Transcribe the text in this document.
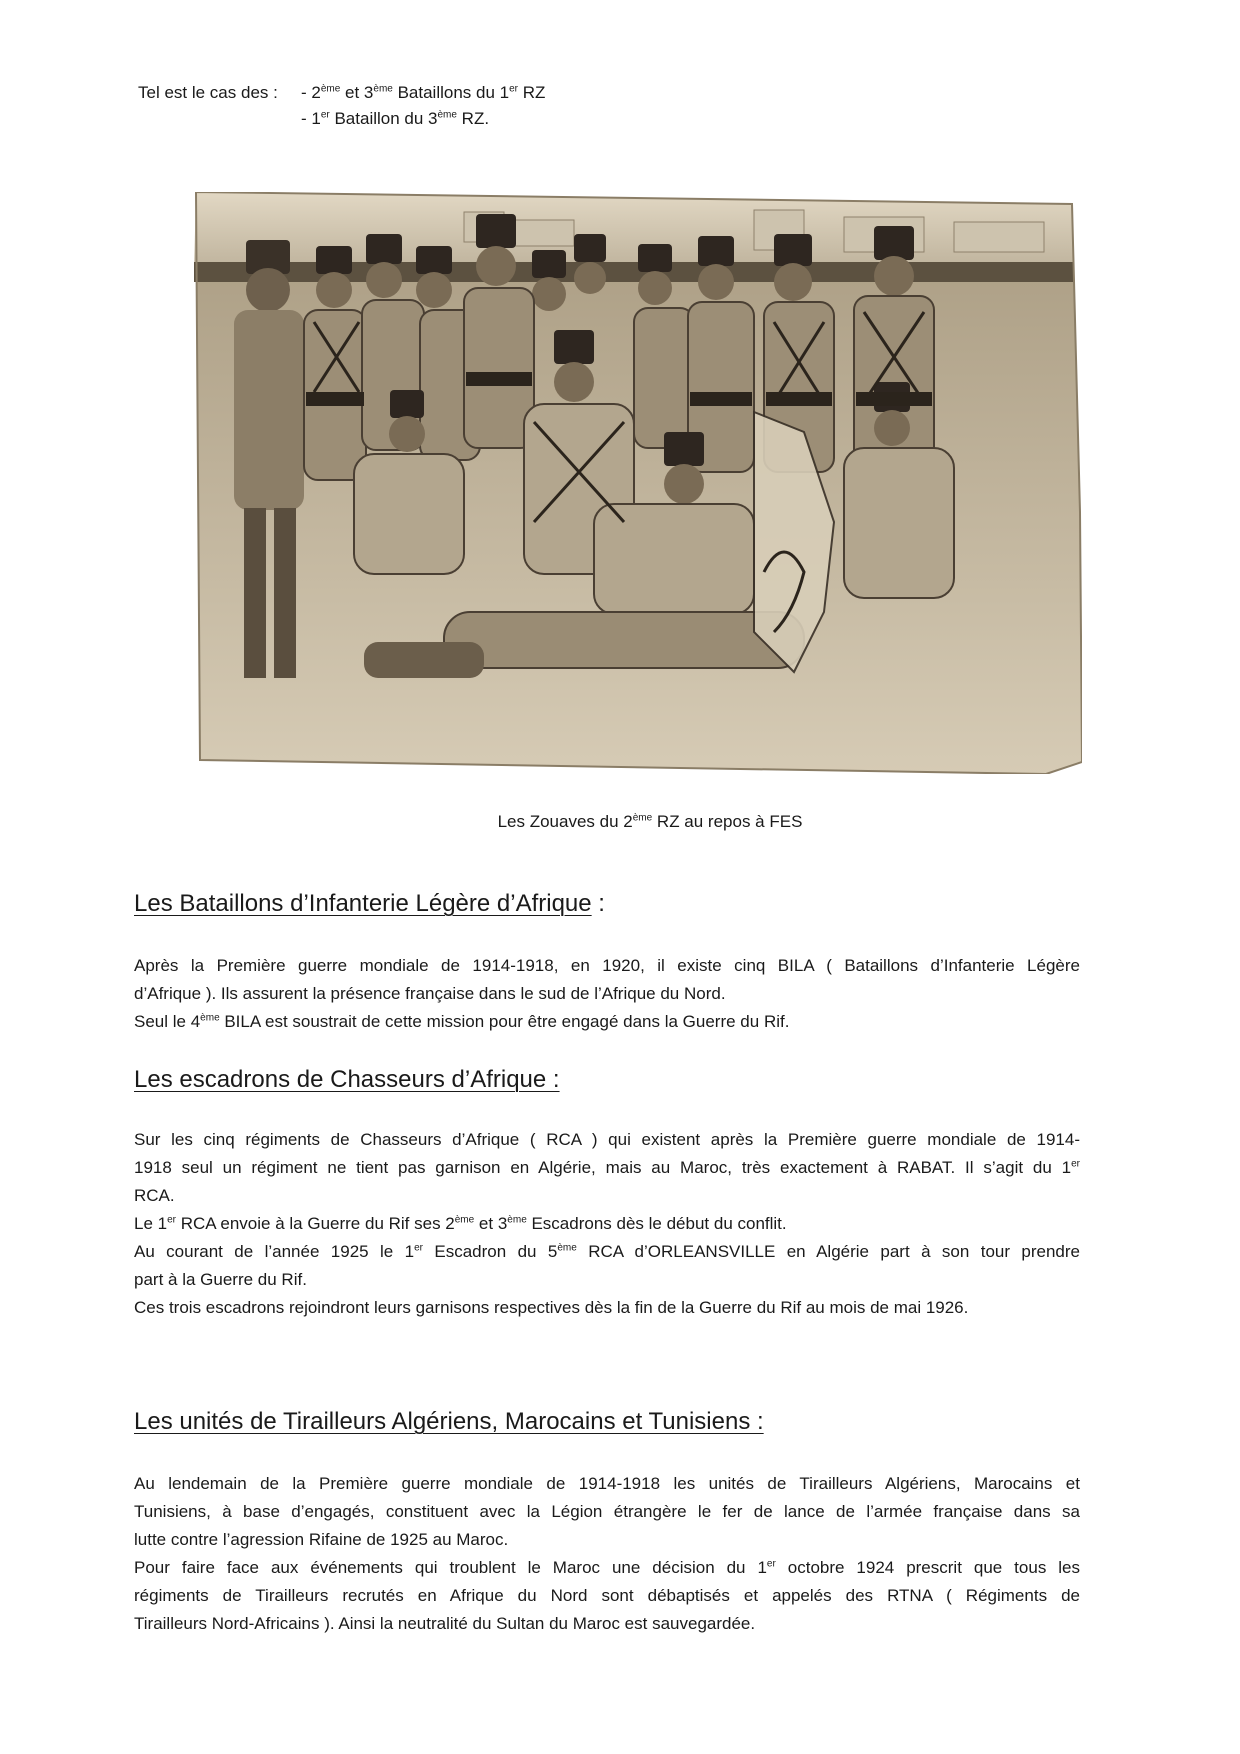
Tel est le cas des :	- 2ème et 3ème Bataillons du 1er RZ
- 1er Bataillon du 3ème RZ.
Les Zouaves du 2ème RZ au repos à FES
Les Bataillons d’Infanterie Légère d’Afrique :
Après la Première guerre mondiale de 1914-1918, en 1920, il existe cinq BILA ( Bataillons d’Infanterie Légère
d’Afrique ). Ils assurent la présence française dans le sud de l’Afrique du Nord.
Seul le 4ème BILA est soustrait de cette mission pour être engagé dans la Guerre du Rif.
Les escadrons de Chasseurs d’Afrique :
Sur les cinq régiments de Chasseurs d’Afrique ( RCA ) qui existent après la Première guerre mondiale de 1914-
1918 seul un régiment ne tient pas garnison en Algérie, mais au Maroc, très exactement à RABAT. Il s’agit du 1er
RCA.
Le 1er RCA envoie à la Guerre du Rif ses 2ème et 3ème Escadrons dès le début du conflit.
Au courant de l’année 1925 le 1er Escadron du 5ème RCA d’ORLEANSVILLE en Algérie part à son tour prendre
part à la Guerre du Rif.
Ces trois escadrons rejoindront leurs garnisons respectives dès la fin de la Guerre du Rif au mois de mai 1926.
Les unités de Tirailleurs Algériens, Marocains et Tunisiens :
Au lendemain de la Première guerre mondiale de 1914-1918 les unités de Tirailleurs Algériens, Marocains et
Tunisiens, à base d’engagés, constituent avec la Légion étrangère le fer de lance de l’armée française dans sa
lutte contre l’agression Rifaine de 1925 au Maroc.
Pour faire face aux événements qui troublent le Maroc une décision du 1er octobre 1924 prescrit que tous les
régiments de Tirailleurs recrutés en Afrique du Nord sont débaptisés et appelés des RTNA ( Régiments de
Tirailleurs Nord-Africains ). Ainsi la neutralité du Sultan du Maroc est sauvegardée.
